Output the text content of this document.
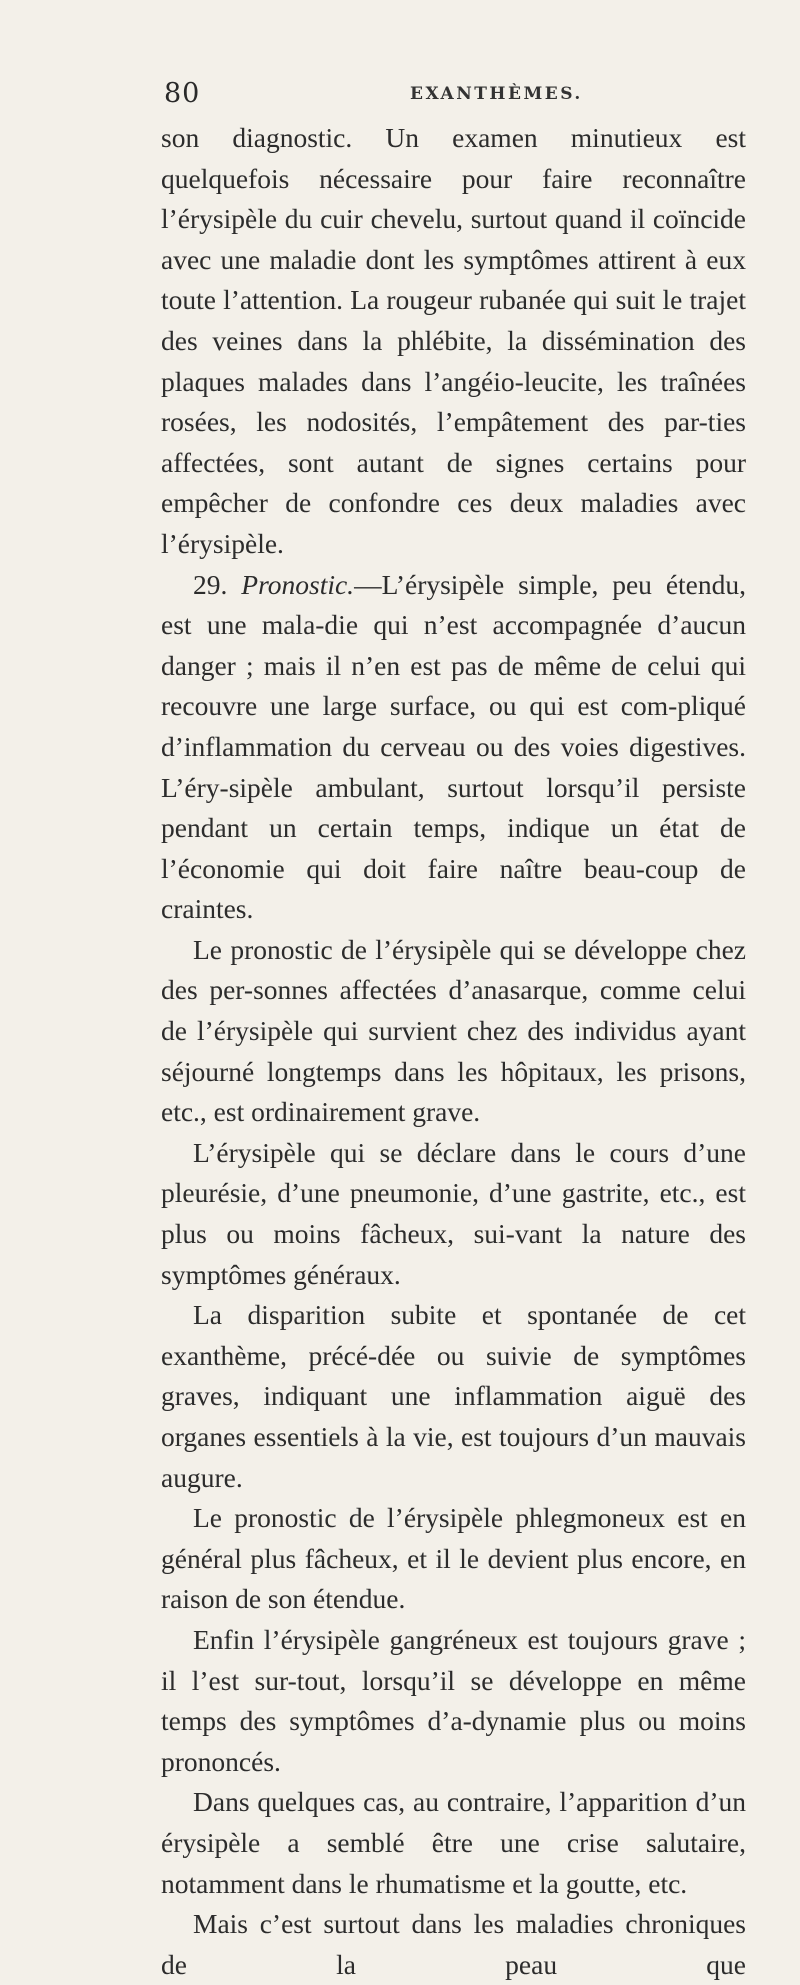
80	EXANTHÈMES.

son diagnostic. Un examen minutieux est quelquefois nécessaire pour faire reconnaître l’érysipèle du cuir chevelu, surtout quand il coïncide avec une maladie dont les symptômes attirent à eux toute l’attention. La rougeur rubanée qui suit le trajet des veines dans la phlébite, la dissémination des plaques malades dans l’angéio-leucite, les traînées rosées, les nodosités, l’empâtement des par-ties affectées, sont autant de signes certains pour empêcher de confondre ces deux maladies avec l’érysipèle.

29. Pronostic.—L’érysipèle simple, peu étendu, est une mala-die qui n’est accompagnée d’aucun danger ; mais il n’en est pas de même de celui qui recouvre une large surface, ou qui est com-pliqué d’inflammation du cerveau ou des voies digestives. L’éry-sipèle ambulant, surtout lorsqu’il persiste pendant un certain temps, indique un état de l’économie qui doit faire naître beau-coup de craintes.

Le pronostic de l’érysipèle qui se développe chez des per-sonnes affectées d’anasarque, comme celui de l’érysipèle qui survient chez des individus ayant séjourné longtemps dans les hôpitaux, les prisons, etc., est ordinairement grave.

L’érysipèle qui se déclare dans le cours d’une pleurésie, d’une pneumonie, d’une gastrite, etc., est plus ou moins fâcheux, sui-vant la nature des symptômes généraux.

La disparition subite et spontanée de cet exanthème, précé-dée ou suivie de symptômes graves, indiquant une inflammation aiguë des organes essentiels à la vie, est toujours d’un mauvais augure.

Le pronostic de l’érysipèle phlegmoneux est en général plus fâcheux, et il le devient plus encore, en raison de son étendue.

Enfin l’érysipèle gangréneux est toujours grave ; il l’est sur-tout, lorsqu’il se développe en même temps des symptômes d’a-dynamie plus ou moins prononcés.

Dans quelques cas, au contraire, l’apparition d’un érysipèle a semblé être une crise salutaire, notamment dans le rhumatisme et la goutte, etc.

Mais c’est surtout dans les maladies chroniques de la peau que
